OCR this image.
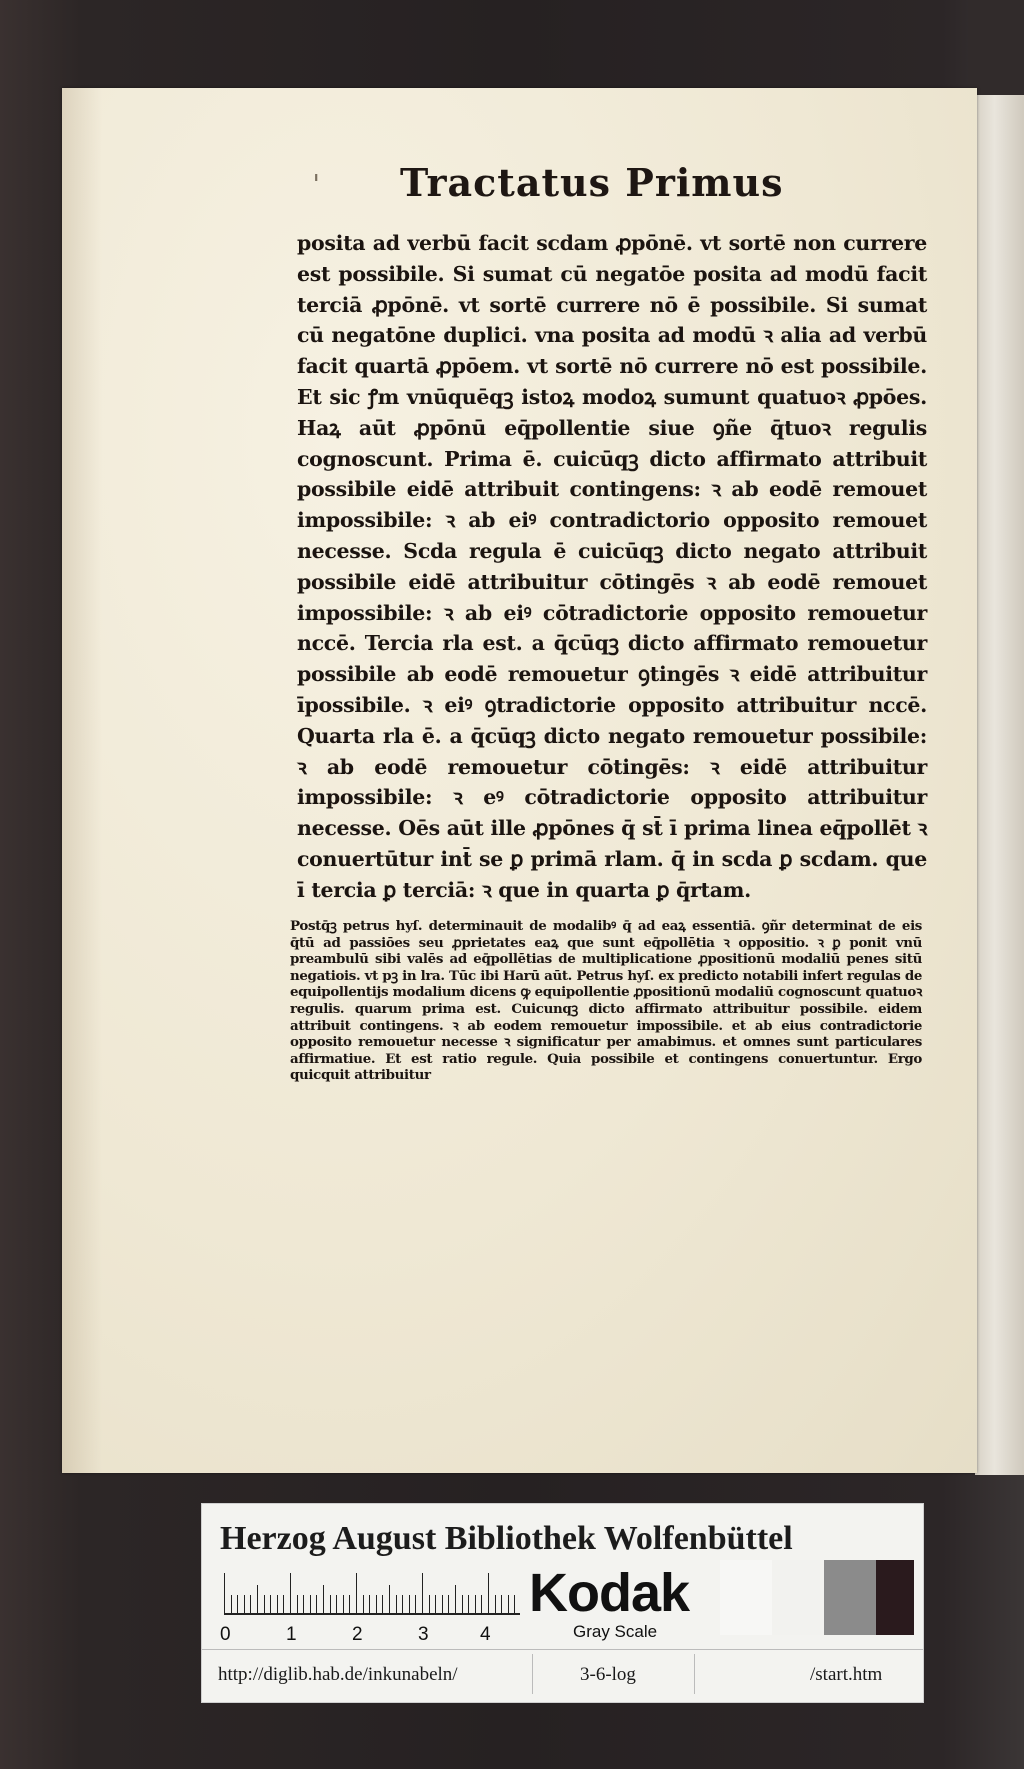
ˈ Tractatus Primus

posita ad verbū facit scdam ꝓpōnē. vt sortē non currere est possibile. Si sumat cū negatōe posita ad modū facit terciā ꝓpōnē. vt sortē currere nō ē possibile. Si sumat cū negatōne duplici. vna posita ad modū ꝛ alia ad verbū facit quartā ꝓpōem. vt sortē nō currere nō est possibile. Et sic ꝭm vnūquēqꝫ istoꝝ modoꝝ sumunt quatuoꝛ ꝓpōes. Haꝝ aūt ꝓpōnū eq̄pollentie siue ꝯñe q̄tuoꝛ regulis cognoscunt. Prima ē. cuicūqꝫ dicto affirmato attribuit possibile eidē attribuit contingens: ꝛ ab eodē remouet impossibile: ꝛ ab eiꝰ contradictorio opposito remouet necesse. Scda regula ē cuicūqꝫ dicto negato attribuit possibile eidē attribuitur cōtingēs ꝛ ab eodē remouet impossibile: ꝛ ab eiꝰ cōtradictorie opposito remouetur nccē. Tercia rla est. a q̄cūqꝫ dicto affirmato remouetur possibile ab eodē remouetur ꝯtingēs ꝛ eidē attribuitur īpossibile. ꝛ eiꝰ ꝯtradictorie opposito attribuitur nccē. Quarta rla ē. a q̄cūqꝫ dicto negato remouetur possibile: ꝛ ab eodē remouetur cōtingēs: ꝛ eidē attribuitur impossibile: ꝛ eꝰ cōtradictorie opposito attribuitur necesse. Oēs aūt ille ꝓpōnes q̄ st̄ ī prima linea eq̄pollēt ꝛ conuertūtur int̄ se ꝑ primā rlam. q̄ in scda ꝑ scdam. que ī tercia ꝑ terciā: ꝛ que in quarta ꝑ q̄rtam.

Postq̄ꝫ petrus hyſ. determinauit de modalibꝰ q̄ ad eaꝝ essentiā. ꝯñr determinat de eis q̄tū ad passiōes seu ꝓprietates eaꝝ que sunt eq̄pollētia ꝛ oppositio. ꝛ ꝑ ponit vnū preambulū sibi valēs ad eq̄pollētias de multiplicatione ꝓpositionū modaliū penes sitū negatiois. vt pꝫ in lra. Tūc ibi Harū aūt. Petrus hyſ. ex predicto notabili infert regulas de equipollentijs modalium dicens ꝙ equipollentie ꝓpositionū modaliū cognoscunt quatuoꝛ regulis. quarum prima est. Cuicunqꝫ dicto affirmato attribuitur possibile. eidem attribuit contingens. ꝛ ab eodem remouetur impossibile. et ab eius contradictorie opposito remouetur necesse ꝛ significatur per amabimus. et omnes sunt particulares affirmatiue. Et est ratio regule. Quia possibile et contingens conuertuntur. Ergo quicquit attribuitur

Herzog August Bibliothek Wolfenbüttel
0	1	2	3	4
Kodak
Gray Scale
http://diglib.hab.de/inkunabeln/	3-6-log	/start.htm
